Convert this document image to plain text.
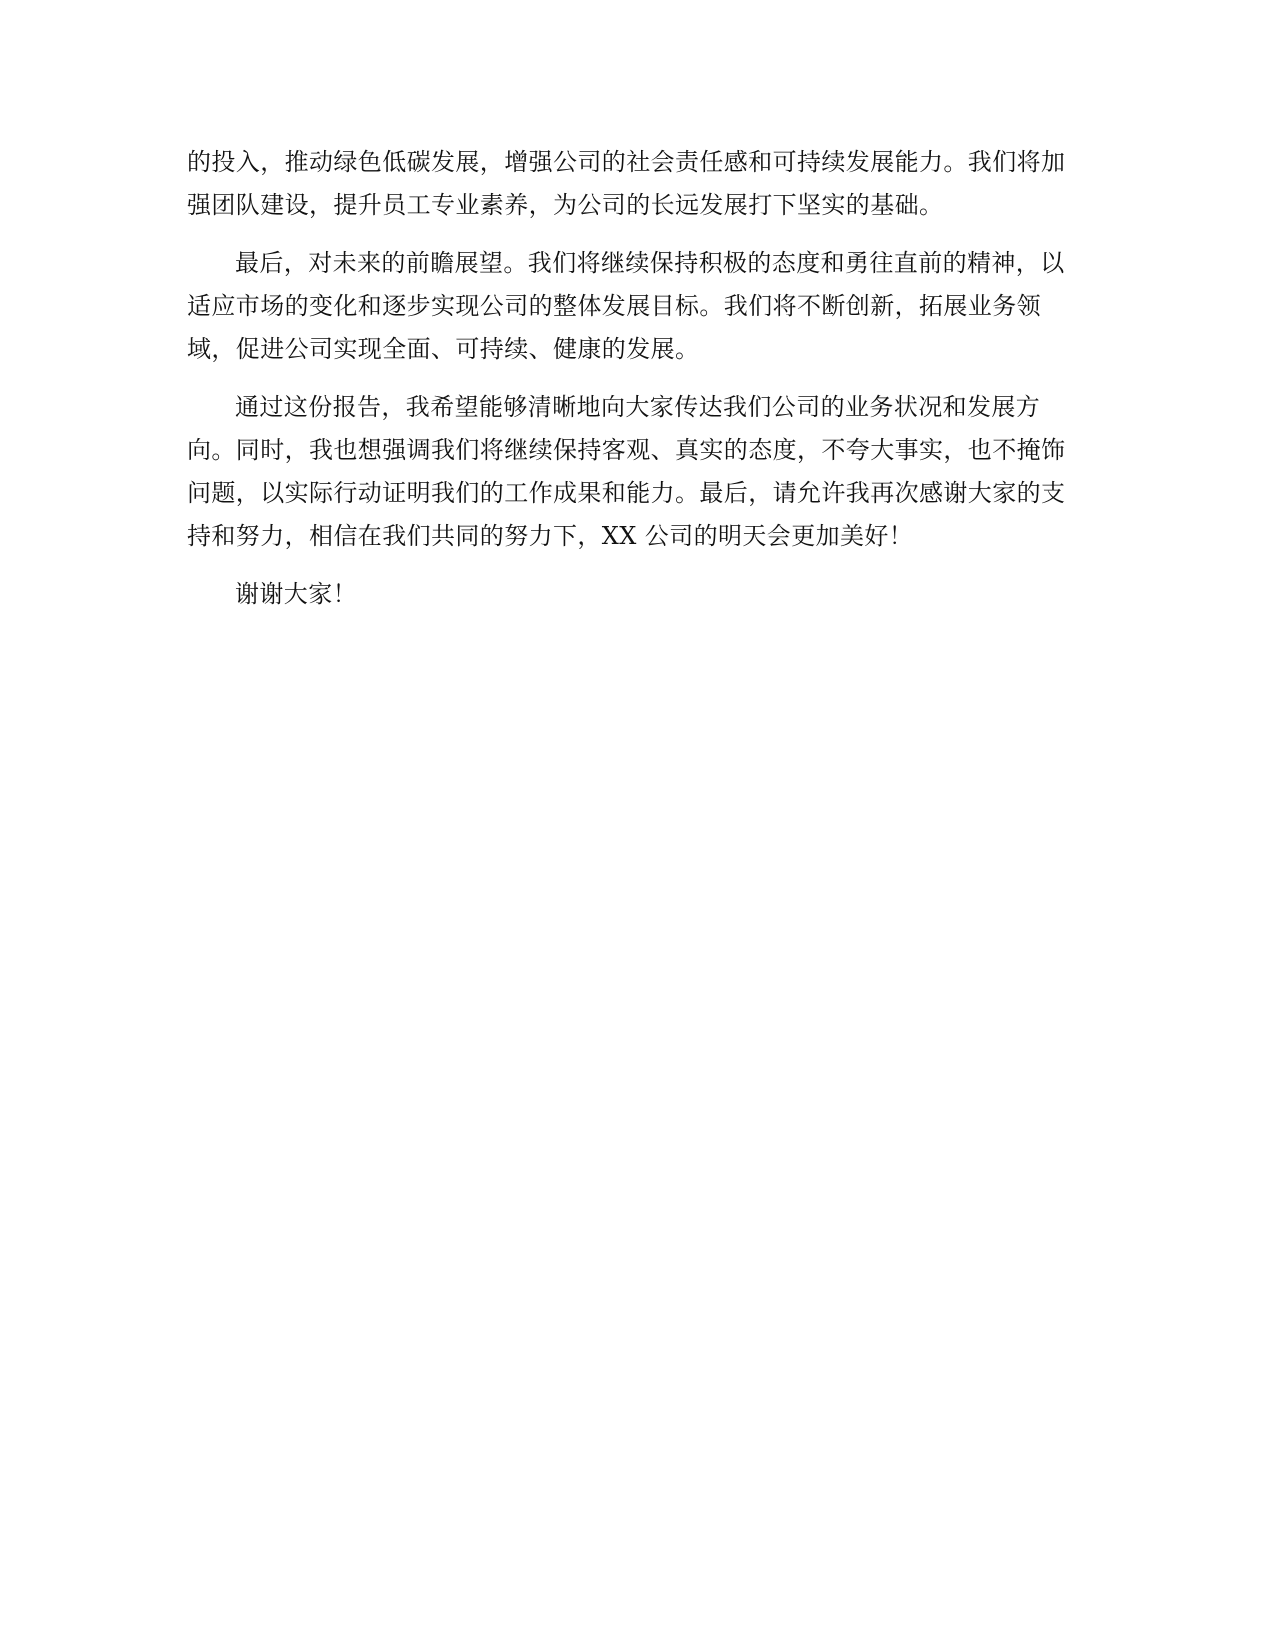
的投入，推动绿色低碳发展，增强公司的社会责任感和可持续发展能力。我们将加
强团队建设，提升员工专业素养，为公司的长远发展打下坚实的基础。

最后，对未来的前瞻展望。我们将继续保持积极的态度和勇往直前的精神，以
适应市场的变化和逐步实现公司的整体发展目标。我们将不断创新，拓展业务领
域，促进公司实现全面、可持续、健康的发展。

通过这份报告，我希望能够清晰地向大家传达我们公司的业务状况和发展方
向。同时，我也想强调我们将继续保持客观、真实的态度，不夸大事实，也不掩饰
问题，以实际行动证明我们的工作成果和能力。最后，请允许我再次感谢大家的支
持和努力，相信在我们共同的努力下，XX 公司的明天会更加美好！

谢谢大家！
